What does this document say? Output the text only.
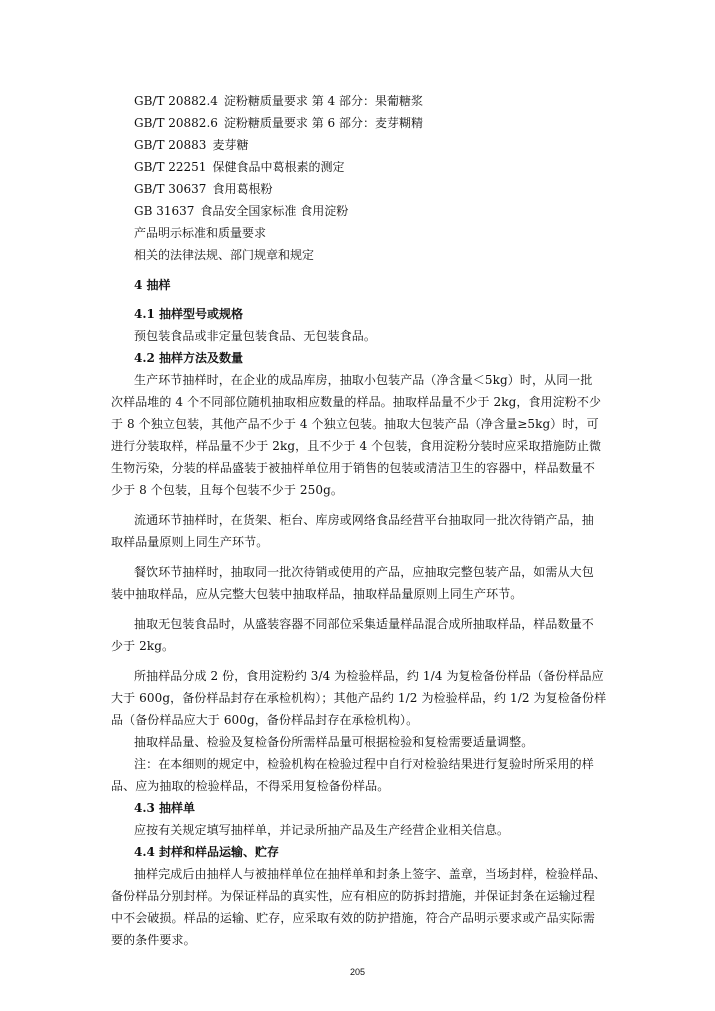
GB/T 20882.4 淀粉糖质量要求 第 4 部分：果葡糖浆
GB/T 20882.6 淀粉糖质量要求 第 6 部分：麦芽糊精
GB/T 20883 麦芽糖
GB/T 22251 保健食品中葛根素的测定
GB/T 30637 食用葛根粉
GB 31637 食品安全国家标准 食用淀粉
产品明示标准和质量要求
相关的法律法规、部门规章和规定
4 抽样
4.1 抽样型号或规格
预包装食品或非定量包装食品、无包装食品。
4.2 抽样方法及数量
生产环节抽样时，在企业的成品库房，抽取小包装产品（净含量＜5kg）时，从同一批
次样品堆的 4 个不同部位随机抽取相应数量的样品。抽取样品量不少于 2kg，食用淀粉不少
于 8 个独立包装，其他产品不少于 4 个独立包装。抽取大包装产品（净含量≥5kg）时，可
进行分装取样，样品量不少于 2kg，且不少于 4 个包装，食用淀粉分装时应采取措施防止微
生物污染，分装的样品盛装于被抽样单位用于销售的包装或清洁卫生的容器中，样品数量不
少于 8 个包装，且每个包装不少于 250g。
流通环节抽样时，在货架、柜台、库房或网络食品经营平台抽取同一批次待销产品，抽
取样品量原则上同生产环节。
餐饮环节抽样时，抽取同一批次待销或使用的产品，应抽取完整包装产品，如需从大包
装中抽取样品，应从完整大包装中抽取样品，抽取样品量原则上同生产环节。
抽取无包装食品时，从盛装容器不同部位采集适量样品混合成所抽取样品，样品数量不
少于 2kg。
所抽样品分成 2 份，食用淀粉约 3/4 为检验样品，约 1/4 为复检备份样品（备份样品应
大于 600g，备份样品封存在承检机构）；其他产品约 1/2 为检验样品，约 1/2 为复检备份样
品（备份样品应大于 600g，备份样品封存在承检机构）。
抽取样品量、检验及复检备份所需样品量可根据检验和复检需要适量调整。
注：在本细则的规定中，检验机构在检验过程中自行对检验结果进行复验时所采用的样
品、应为抽取的检验样品，不得采用复检备份样品。
4.3 抽样单
应按有关规定填写抽样单，并记录所抽产品及生产经营企业相关信息。
4.4 封样和样品运输、贮存
抽样完成后由抽样人与被抽样单位在抽样单和封条上签字、盖章，当场封样，检验样品、
备份样品分别封样。为保证样品的真实性，应有相应的防拆封措施，并保证封条在运输过程
中不会破损。样品的运输、贮存，应采取有效的防护措施，符合产品明示要求或产品实际需
要的条件要求。
205
